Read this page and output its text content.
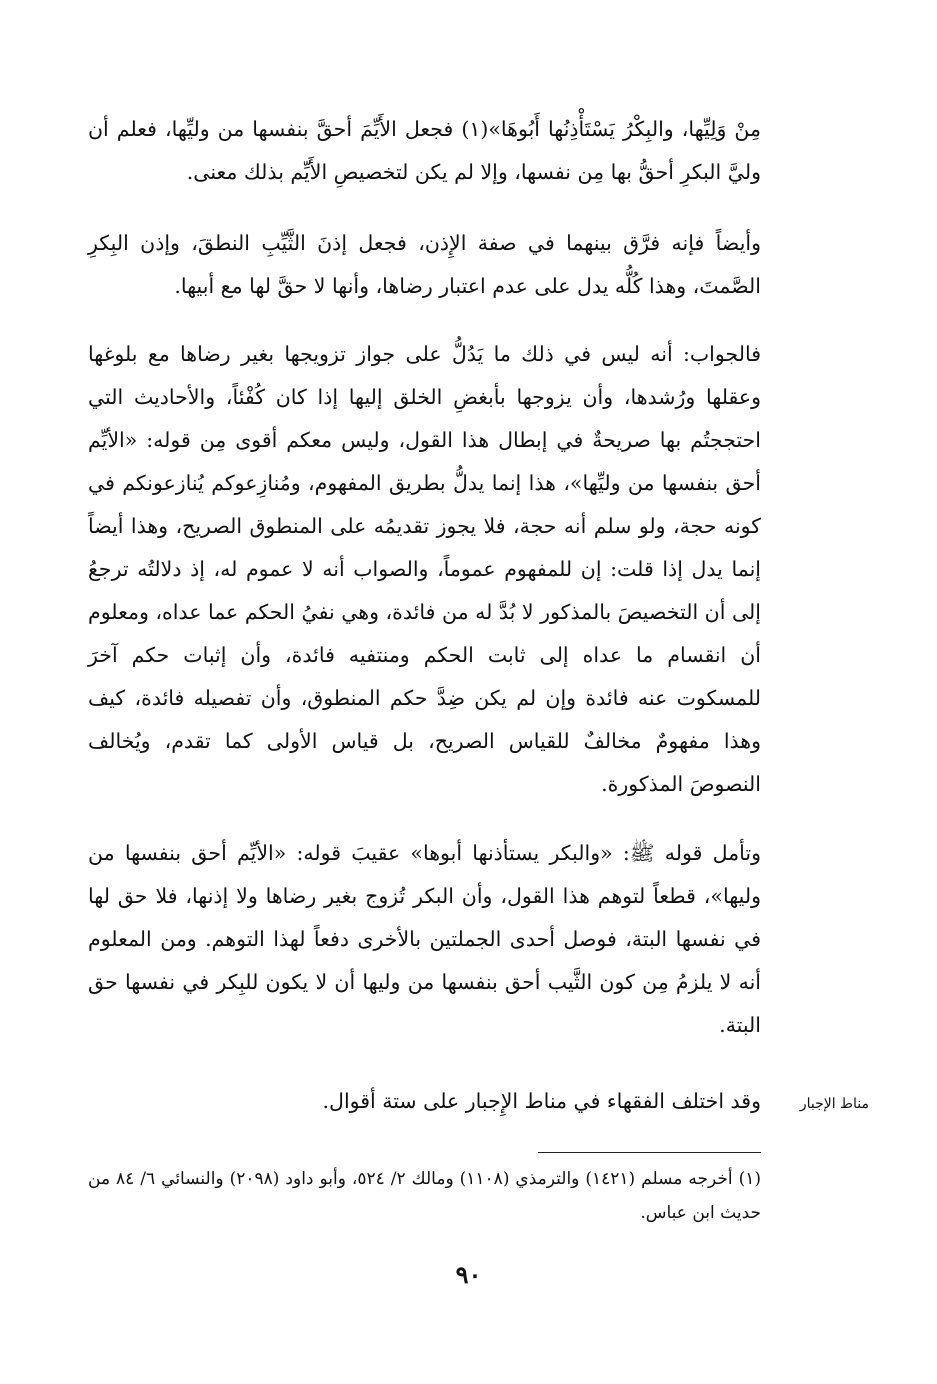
مِنْ وَلِيِّها، والبِكْرُ يَسْتَأْذِنُها أَبُوهَا»(١) فجعل الأَيِّمَ أحقَّ بنفسها من وليِّها، فعلم أن وليَّ البكرِ أحقُّ بها مِن نفسها، وإلا لم يكن لتخصيصِ الأَيِّم بذلك معنى.

وأيضاً فإنه فرَّق بينهما في صفة الإِذن، فجعل إذنَ الثَّيِّبِ النطقَ، وإذن البِكرِ الصَّمتَ، وهذا كُلُّه يدل على عدم اعتبار رضاها، وأنها لا حقَّ لها مع أبيها.

فالجواب: أنه ليس في ذلك ما يَدُلُّ على جواز تزويجها بغير رضاها مع بلوغها وعقلها ورُشدها، وأن يزوجها بأبغضِ الخلق إليها إذا كان كُفْئاً، والأحاديث التي احتججتُم بها صريحةٌ في إبطال هذا القول، وليس معكم أقوى مِن قوله: «الأيِّم أحق بنفسها من وليِّها»، هذا إنما يدلُّ بطريق المفهوم، ومُنازِعوكم يُنازعونكم في كونه حجة، ولو سلم أنه حجة، فلا يجوز تقديمُه على المنطوق الصريح، وهذا أيضاً إنما يدل إذا قلت: إن للمفهوم عموماً، والصواب أنه لا عموم له، إذ دلالتُه ترجعُ إلى أن التخصيصَ بالمذكور لا بُدَّ له من فائدة، وهي نفيُ الحكم عما عداه، ومعلوم أن انقسام ما عداه إلى ثابت الحكم ومنتفيه فائدة، وأن إثبات حكم آخرَ للمسكوت عنه فائدة وإن لم يكن ضِدَّ حكم المنطوق، وأن تفصيله فائدة، كيف وهذا مفهومٌ مخالفٌ للقياس الصريح، بل قياس الأولى كما تقدم، ويُخالف النصوصَ المذكورة.

وتأمل قوله ﷺ: «والبكر يستأذنها أبوها» عقيبَ قوله: «الأيِّم أحق بنفسها من وليها»، قطعاً لتوهم هذا القول، وأن البكر تُزوج بغير رضاها ولا إذنها، فلا حق لها في نفسها البتة، فوصل أحدى الجملتين بالأخرى دفعاً لهذا التوهم. ومن المعلوم أنه لا يلزمُ مِن كون الثَّيب أحق بنفسها من وليها أن لا يكون للبِكر في نفسها حق البتة.

وقد اختلف الفقهاء في مناط الإِجبار على ستة أقوال.	مناط الإجبار

(١) أخرجه مسلم (١٤٢١) والترمذي (١١٠٨) ومالك ٢/ ٥٢٤، وأبو داود (٢٠٩٨) والنسائي ٦/ ٨٤ من حديث ابن عباس.

٩٠
